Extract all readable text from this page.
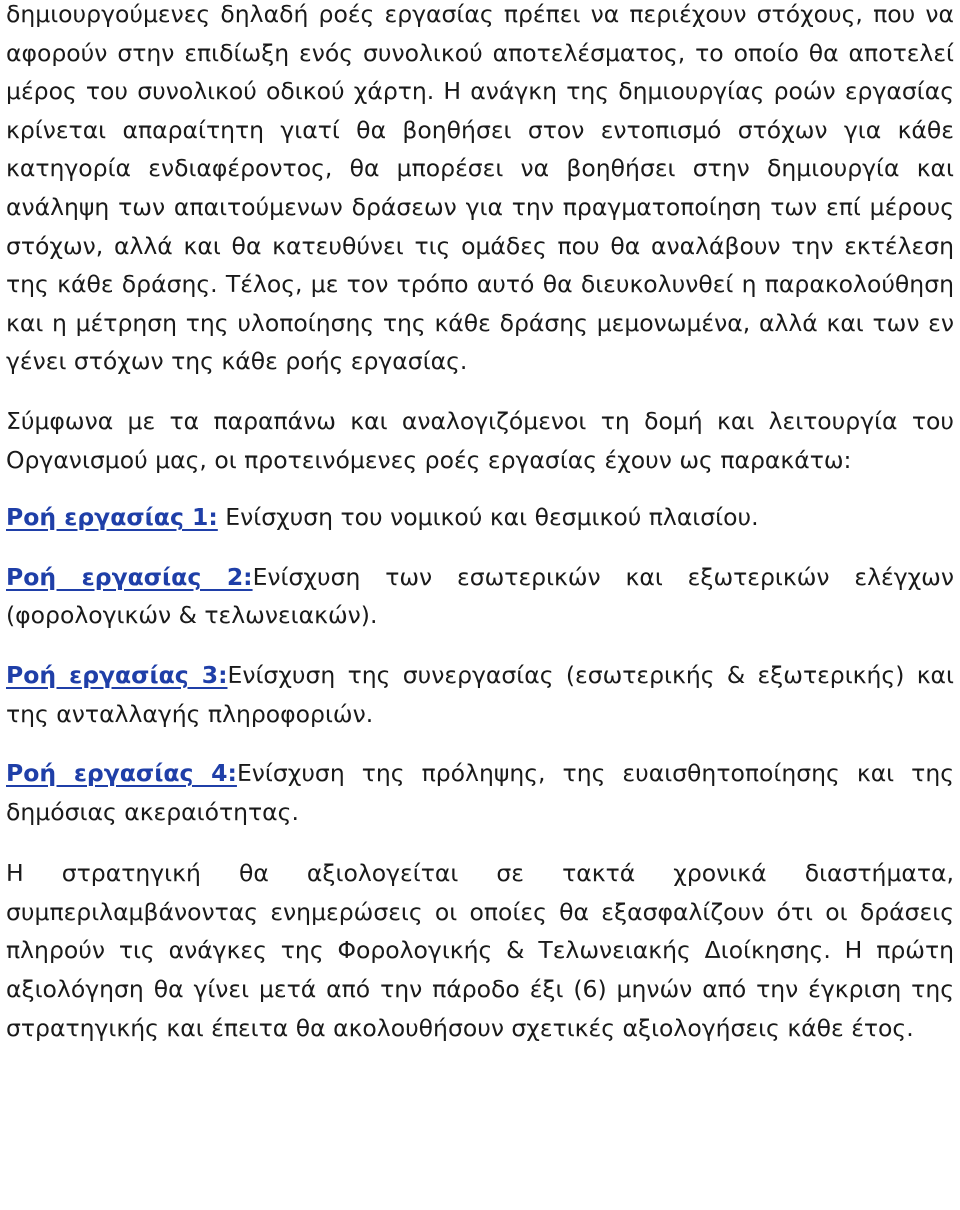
δημιουργούμενες δηλαδή ροές εργασίας πρέπει να περιέχουν στόχους, που να αφορούν στην επιδίωξη ενός συνολικού αποτελέσματος, το οποίο θα αποτελεί μέρος του συνολικού οδικού χάρτη. Η ανάγκη της δημιουργίας ροών εργασίας κρίνεται απαραίτητη γιατί θα βοηθήσει στον εντοπισμό στόχων για κάθε κατηγορία ενδιαφέροντος, θα μπορέσει να βοηθήσει στην δημιουργία και ανάληψη των απαιτούμενων δράσεων για την πραγματοποίηση των επί μέρους στόχων, αλλά και θα κατευθύνει τις ομάδες που θα αναλάβουν την εκτέλεση της κάθε δράσης. Τέλος, με τον τρόπο αυτό θα διευκολυνθεί η παρακολούθηση και η μέτρηση της υλοποίησης της κάθε δράσης μεμονωμένα, αλλά και των εν γένει στόχων της κάθε ροής εργασίας.

Σύμφωνα με τα παραπάνω και αναλογιζόμενοι τη δομή και λειτουργία του Οργανισμού μας, οι προτεινόμενες ροές εργασίας έχουν ως παρακάτω:

Ροή εργασίας 1: Ενίσχυση του νομικού και θεσμικού πλαισίου.

Ροή εργασίας 2:Ενίσχυση των εσωτερικών και εξωτερικών ελέγχων (φορολογικών & τελωνειακών).

Ροή εργασίας 3:Ενίσχυση της συνεργασίας (εσωτερικής & εξωτερικής) και της ανταλλαγής πληροφοριών.

Ροή εργασίας 4:Ενίσχυση της πρόληψης, της ευαισθητοποίησης και της δημόσιας ακεραιότητας.

Η στρατηγική θα αξιολογείται σε τακτά χρονικά διαστήματα, συμπεριλαμβάνοντας ενημερώσεις οι οποίες θα εξασφαλίζουν ότι οι δράσεις πληρούν τις ανάγκες της Φορολογικής & Τελωνειακής Διοίκησης. Η πρώτη αξιολόγηση θα γίνει μετά από την πάροδο έξι (6) μηνών από την έγκριση της στρατηγικής και έπειτα θα ακολουθήσουν σχετικές αξιολογήσεις κάθε έτος.
